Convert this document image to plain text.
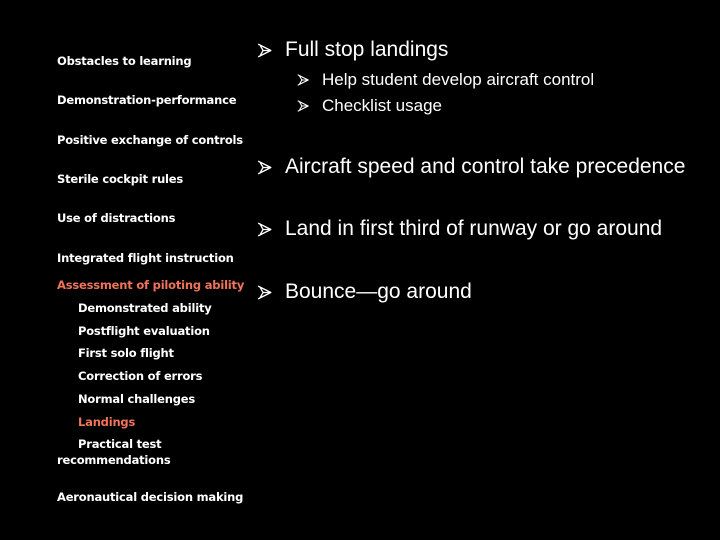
Obstacles to learning
Demonstration-performance
Positive exchange of controls
Sterile cockpit rules
Use of distractions
Integrated flight instruction
Assessment of piloting ability
Demonstrated ability
Postflight evaluation
First solo flight
Correction of errors
Normal challenges
Landings
Practical test recommendations
Aeronautical decision making
Full stop landings
Help student develop aircraft control
Checklist usage
Aircraft speed and control take precedence
Land in first third of runway or go around
Bounce—go around
